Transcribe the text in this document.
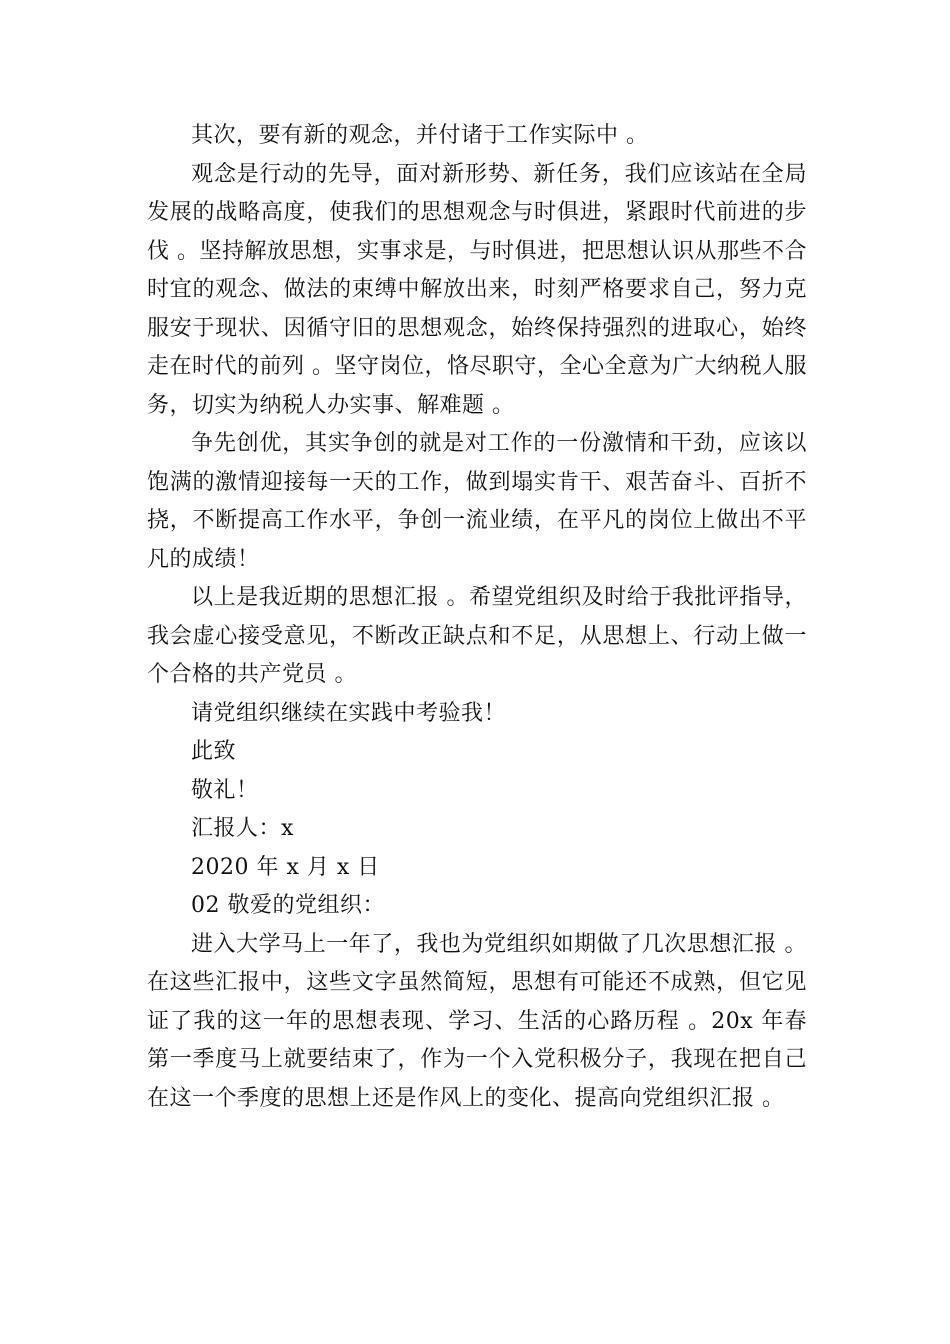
其次，要有新的观念，并付诸于工作实际中 。

观念是行动的先导，面对新形势、新任务，我们应该站在全局发展的战略高度，使我们的思想观念与时俱进，紧跟时代前进的步伐 。坚持解放思想，实事求是，与时俱进，把思想认识从那些不合时宜的观念、做法的束缚中解放出来，时刻严格要求自己，努力克服安于现状、因循守旧的思想观念，始终保持强烈的进取心，始终走在时代的前列 。坚守岗位，恪尽职守，全心全意为广大纳税人服务，切实为纳税人办实事、解难题 。

争先创优，其实争创的就是对工作的一份激情和干劲，应该以饱满的激情迎接每一天的工作，做到塌实肯干、艰苦奋斗、百折不挠，不断提高工作水平，争创一流业绩，在平凡的岗位上做出不平凡的成绩！

以上是我近期的思想汇报 。希望党组织及时给于我批评指导，我会虚心接受意见，不断改正缺点和不足，从思想上、行动上做一个合格的共产党员 。

请党组织继续在实践中考验我！

此致

敬礼！

汇报人：x

2020 年 x 月 x 日

02 敬爱的党组织：

进入大学马上一年了，我也为党组织如期做了几次思想汇报 。在这些汇报中，这些文字虽然简短，思想有可能还不成熟，但它见证了我的这一年的思想表现、学习、生活的心路历程 。20x 年春第一季度马上就要结束了，作为一个入党积极分子，我现在把自己在这一个季度的思想上还是作风上的变化、提高向党组织汇报 。
